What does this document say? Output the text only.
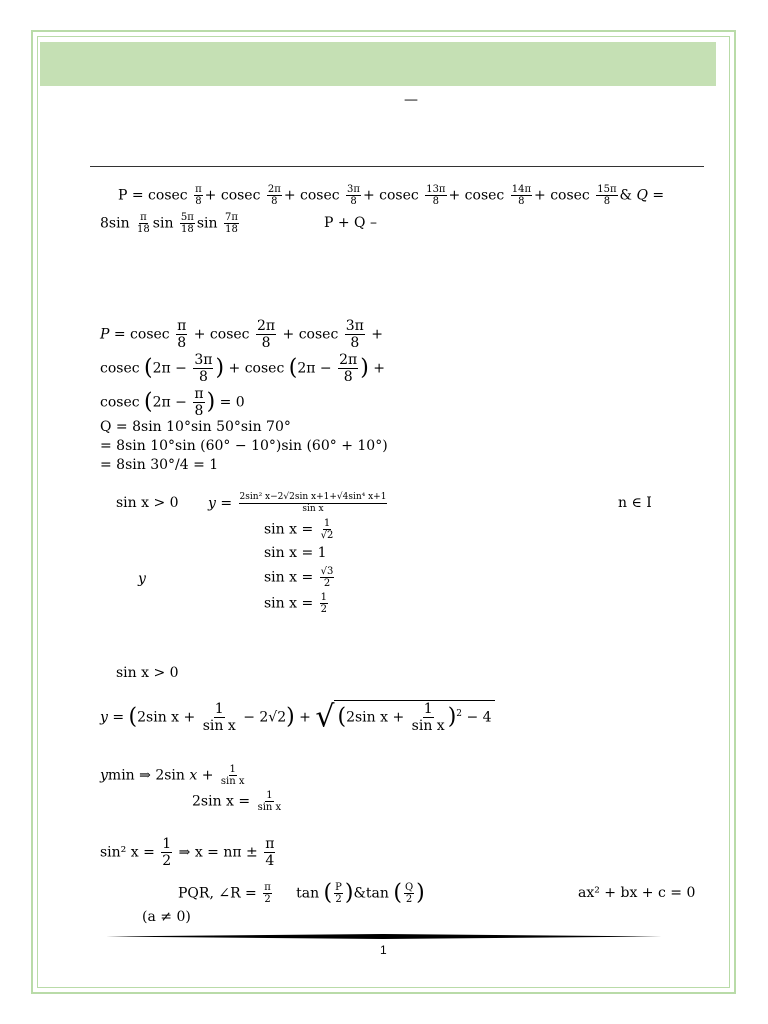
—
P = cosec $\frac{\pi}{8} + cosec \frac{2\pi}{8} + cosec \frac{3\pi}{8} + cosec \frac{13\pi}{8} + cosec \frac{14\pi}{8} + cosec \frac{15\pi}{8}$ & Q =
$8\sin \frac{\pi}{18}$ $\sin \frac{5\pi}{18}$ $\sin \frac{7\pi}{18}$	P + Q –
P = cosec $\frac{\pi}{8} + cosec \frac{2\pi}{8} + cosec \frac{3\pi}{8}$ +
cosec ($2\pi - \frac{3\pi}{8}$ ) + cosec ($2\pi - \frac{2\pi}{8}$ ) +
cosec ($2\pi - \frac{\pi}{8}$ ) = 0
Q = 8sin 10°sin 50°sin 70°
= 8sin 10°sin (60° − 10°)sin (60° + 10°)
= 8sin 30°/4 = 1
sin x > 0 $y = \frac{\text{2sin² x−2√2sin x+1+√4sin⁴ x+1}}{\text{sin x}}$	n ∈ I
$\sin x = \frac{1}{√2}$
sin x = 1
y	$\sin x = \frac{√3}{2}$
$\sin x = \frac{1}{2}$
sin x > 0
y = (2sin $x + \frac{1}{\text{sin x}} - 2√2$) + √ (2sin $x + \frac{1}{\text{sin x}} )^2 - 4$
ymin ⇒ 2sin $x + \frac{1}{\text{sin x}}$
2sin $x = \frac{1}{\text{sin x}}$
sin² $x = \frac{1}{2}$ ⇒ $x = n\pi \pm \frac{\pi}{4}$
PQR, ∠R = $\frac{\pi}{2}$ tan ( $\frac{P}{2}$ )&tan ( $\frac{Q}{2}$ )	ax² + bx + c = 0
(a ≠ 0)
1
